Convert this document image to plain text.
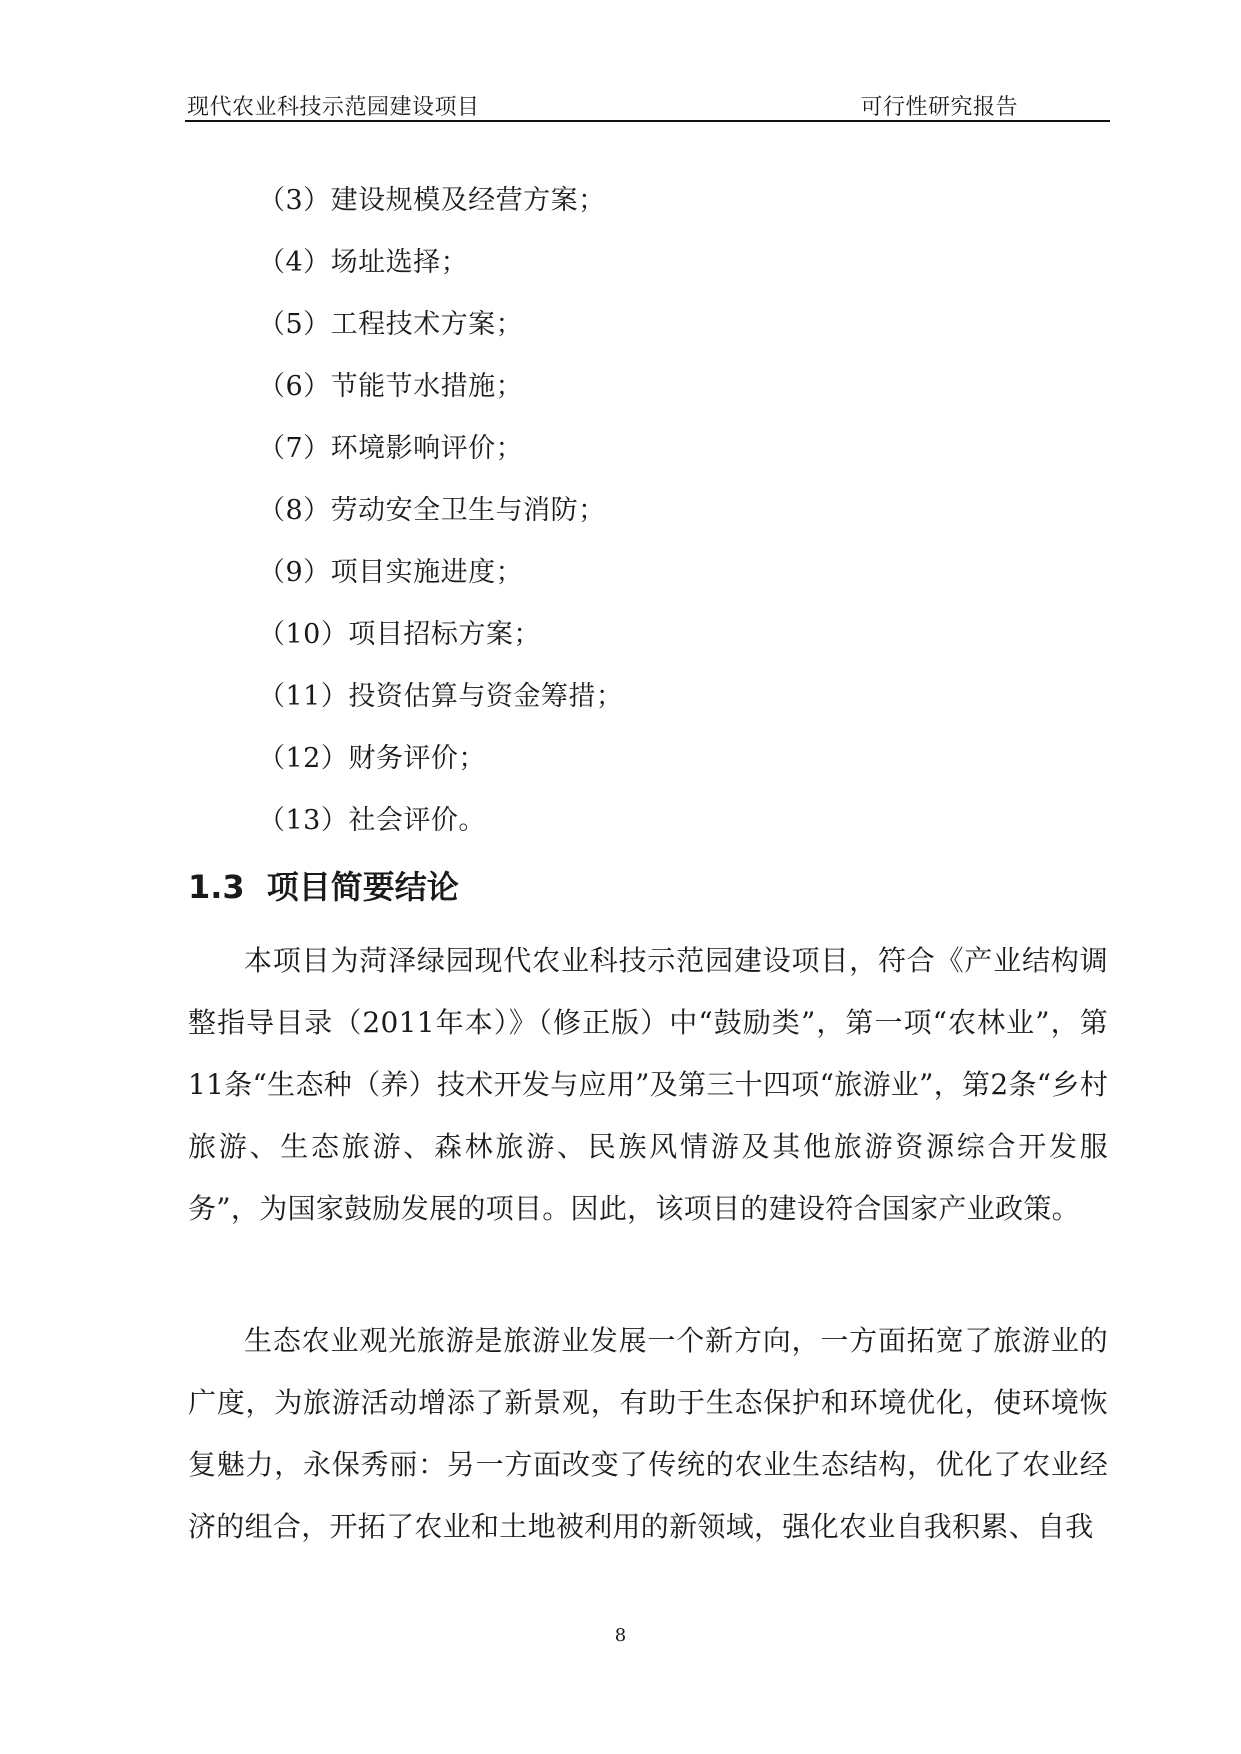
现代农业科技示范园建设项目	可行性研究报告
（3）建设规模及经营方案；
（4）场址选择；
（5）工程技术方案；
（6）节能节水措施；
（7）环境影响评价；
（8）劳动安全卫生与消防；
（9）项目实施进度；
（10）项目招标方案；
（11）投资估算与资金筹措；
（12）财务评价；
（13）社会评价。
1.3 项目简要结论

本项目为菏泽绿园现代农业科技示范园建设项目，符合《产业结构调整指导目录（2011年本）》（修正版）中“鼓励类”，第一项“农林业”，第11条“生态种（养）技术开发与应用”及第三十四项“旅游业”，第2条“乡村旅游、生态旅游、森林旅游、民族风情游及其他旅游资源综合开发服务”，为国家鼓励发展的项目。因此，该项目的建设符合国家产业政策。

生态农业观光旅游是旅游业发展一个新方向，一方面拓宽了旅游业的广度，为旅游活动增添了新景观，有助于生态保护和环境优化，使环境恢复魅力，永保秀丽：另一方面改变了传统的农业生态结构，优化了农业经济的组合，开拓了农业和土地被利用的新领域，强化农业自我积累、自我

8
